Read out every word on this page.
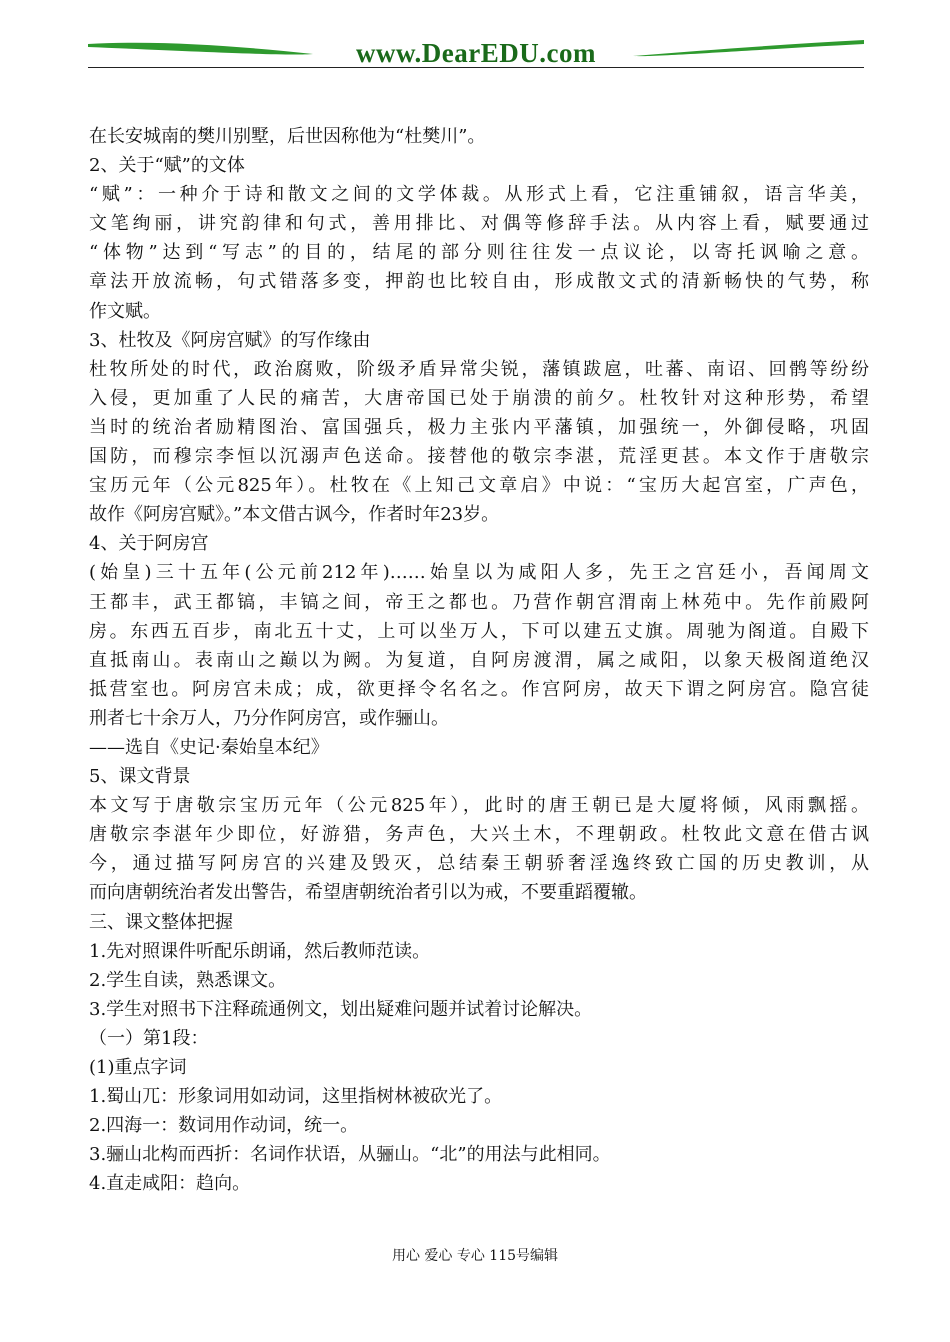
www.DearEDU.com
在长安城南的樊川别墅，后世因称他为“杜樊川”。
2、关于“赋”的文体
“赋”：一种介于诗和散文之间的文学体裁。从形式上看，它注重铺叙，语言华美，
文笔绚丽，讲究韵律和句式，善用排比、对偶等修辞手法。从内容上看，赋要通过
“体物”达到“写志”的目的，结尾的部分则往往发一点议论，以寄托讽喻之意。
章法开放流畅，句式错落多变，押韵也比较自由，形成散文式的清新畅快的气势，称
作文赋。
3、杜牧及《阿房宫赋》的写作缘由
杜牧所处的时代，政治腐败，阶级矛盾异常尖锐，藩镇跋扈，吐蕃、南诏、回鹘等纷纷
入侵，更加重了人民的痛苦，大唐帝国已处于崩溃的前夕。杜牧针对这种形势，希望
当时的统治者励精图治、富国强兵，极力主张内平藩镇，加强统一，外御侵略，巩固
国防，而穆宗李恒以沉溺声色送命。接替他的敬宗李湛，荒淫更甚。本文作于唐敬宗
宝历元年（公元825年）。杜牧在《上知己文章启》中说：“宝历大起宫室，广声色，
故作《阿房宫赋》。”本文借古讽今，作者时年23岁。
4、关于阿房宫
(始皇)三十五年(公元前212年)……始皇以为咸阳人多，先王之宫廷小，吾闻周文
王都丰，武王都镐，丰镐之间，帝王之都也。乃营作朝宫渭南上林苑中。先作前殿阿
房。东西五百步，南北五十丈，上可以坐万人，下可以建五丈旗。周驰为阁道。自殿下
直抵南山。表南山之巅以为阙。为复道，自阿房渡渭，属之咸阳，以象天极阁道绝汉
抵营室也。阿房宫未成；成，欲更择令名名之。作宫阿房，故天下谓之阿房宫。隐宫徒
刑者七十余万人，乃分作阿房宫，或作骊山。
——选自《史记·秦始皇本纪》
5、课文背景
本文写于唐敬宗宝历元年（公元825年），此时的唐王朝已是大厦将倾，风雨飘摇。
唐敬宗李湛年少即位，好游猎，务声色，大兴土木，不理朝政。杜牧此文意在借古讽
今，通过描写阿房宫的兴建及毁灭，总结秦王朝骄奢淫逸终致亡国的历史教训，从
而向唐朝统治者发出警告，希望唐朝统治者引以为戒，不要重蹈覆辙。
三、课文整体把握
1.先对照课件听配乐朗诵，然后教师范读。
2.学生自读，熟悉课文。
3.学生对照书下注释疏通例文，划出疑难问题并试着讨论解决。
（一）第1段：
(1)重点字词
1.蜀山兀：形象词用如动词，这里指树林被砍光了。
2.四海一：数词用作动词，统一。
3.骊山北构而西折：名词作状语，从骊山。“北”的用法与此相同。
4.直走咸阳：趋向。
用心 爱心 专心 115号编辑
